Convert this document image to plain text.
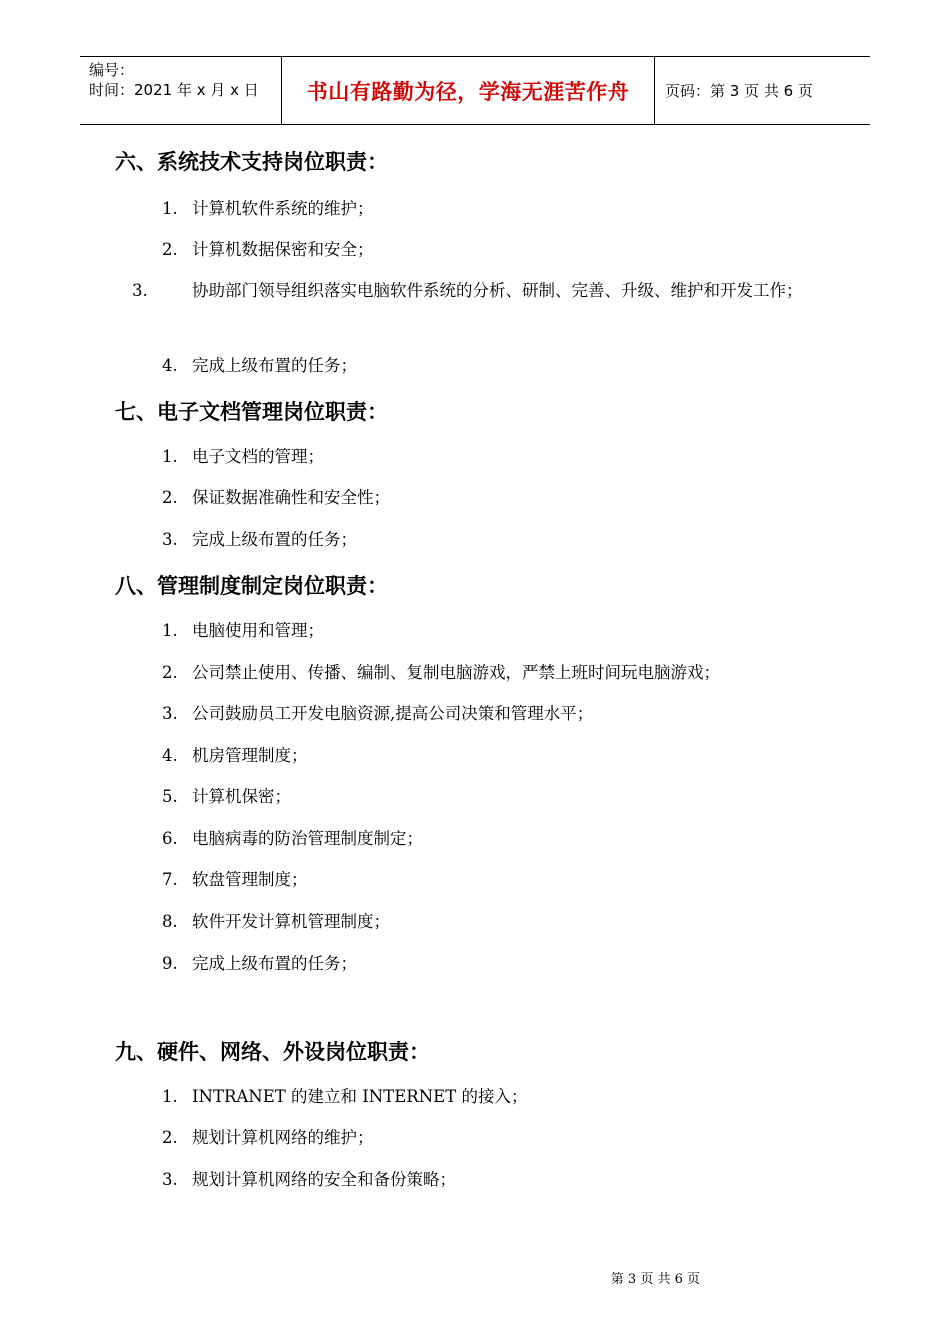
编号：
时间：2021 年 x 月 x 日	书山有路勤为径，学海无涯苦作舟	页码：第 3 页 共 6 页
六、系统技术支持岗位职责：
1. 计算机软件系统的维护；
2. 计算机数据保密和安全；
3.	协助部门领导组织落实电脑软件系统的分析、研制、完善、升级、维护和开发工作；
4. 完成上级布置的任务；
七、电子文档管理岗位职责：
1. 电子文档的管理；
2. 保证数据准确性和安全性；
3. 完成上级布置的任务；
八、管理制度制定岗位职责：
1. 电脑使用和管理；
2. 公司禁止使用、传播、编制、复制电脑游戏，严禁上班时间玩电脑游戏；
3. 公司鼓励员工开发电脑资源,提高公司决策和管理水平；
4. 机房管理制度；
5. 计算机保密；
6. 电脑病毒的防治管理制度制定；
7. 软盘管理制度；
8. 软件开发计算机管理制度；
9. 完成上级布置的任务；
九、硬件、网络、外设岗位职责：
1. INTRANET 的建立和 INTERNET 的接入；
2. 规划计算机网络的维护；
3. 规划计算机网络的安全和备份策略；
第 3 页 共 6 页
